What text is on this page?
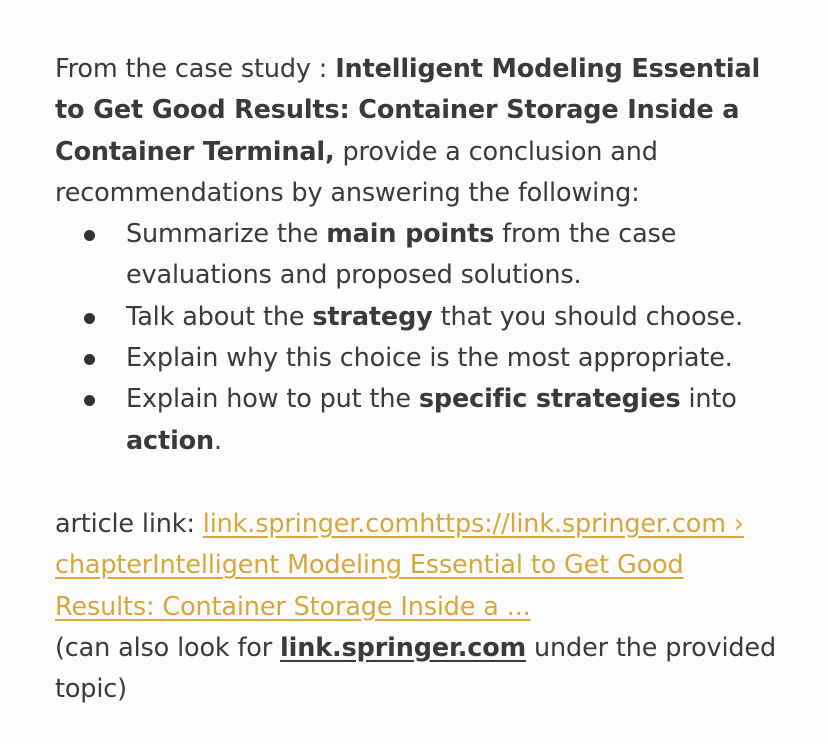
From the case study : Intelligent Modeling Essential to Get Good Results: Container Storage Inside a Container Terminal, provide a conclusion and recommendations by answering the following:

Summarize the main points from the case evaluations and proposed solutions.
Talk about the strategy that you should choose.
Explain why this choice is the most appropriate.
Explain how to put the specific strategies into action.

article link: link.springer.comhttps://link.springer.com › chapterIntelligent Modeling Essential to Get Good Results: Container Storage Inside a ...
(can also look for link.springer.com under the provided topic)
